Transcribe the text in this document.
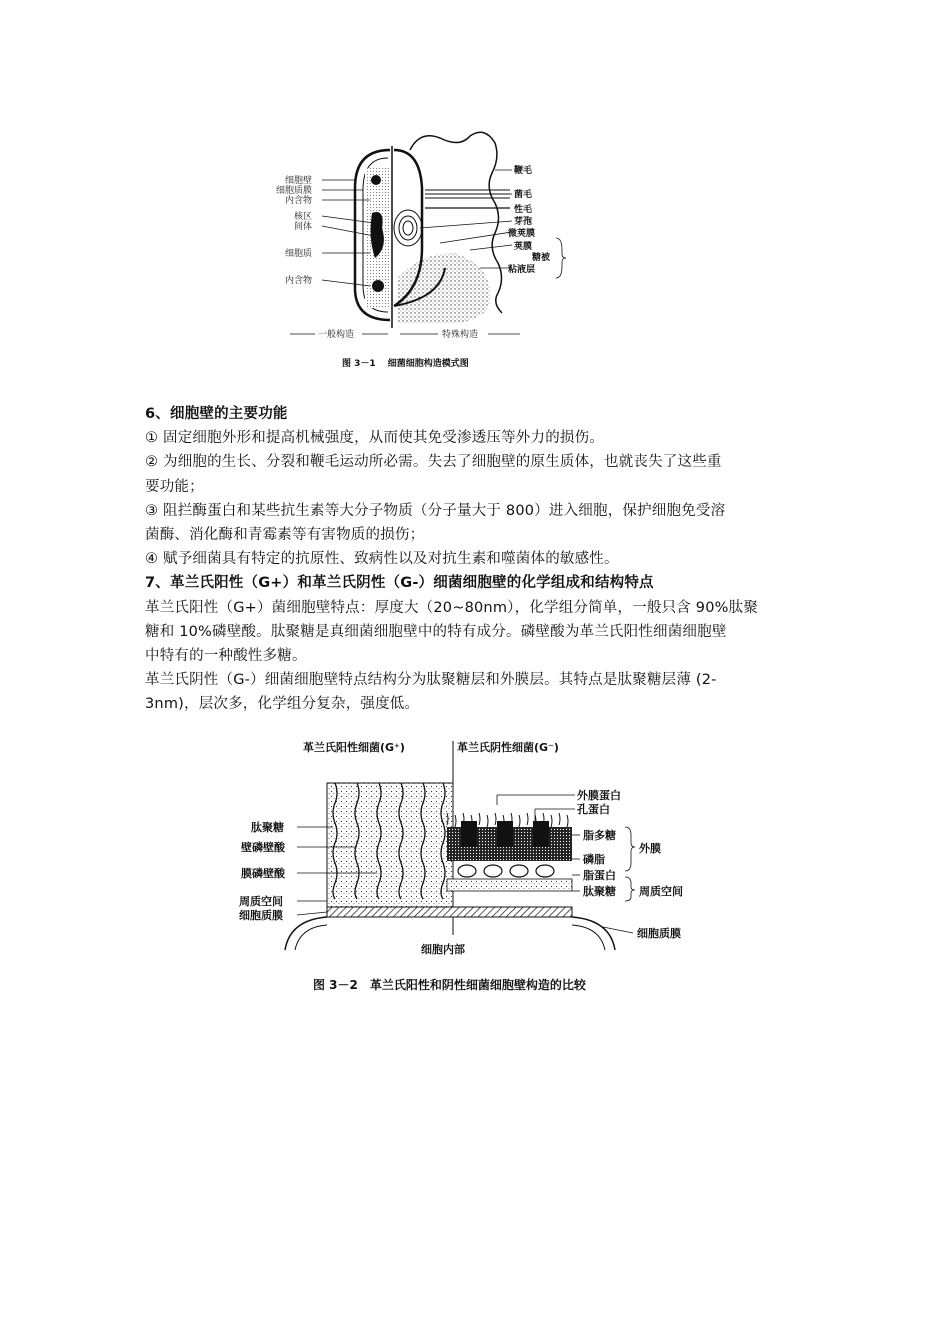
细胞壁
细胞质膜
内含物
核区
间体
细胞质
内含物
鞭毛
菌毛
性毛
芽孢
微荚膜
荚膜
粘液层
糖被
一般构造	特殊构造
图 3－1　 细菌细胞构造模式图

6、细胞壁的主要功能

① 固定细胞外形和提高机械强度，从而使其免受渗透压等外力的损伤。

② 为细胞的生长、分裂和鞭毛运动所必需。失去了细胞壁的原生质体，也就丧失了这些重

要功能；

③ 阻拦酶蛋白和某些抗生素等大分子物质（分子量大于 800）进入细胞，保护细胞免受溶

菌酶、消化酶和青霉素等有害物质的损伤；

④ 赋予细菌具有特定的抗原性、致病性以及对抗生素和噬菌体的敏感性。

7、革兰氏阳性（G+）和革兰氏阴性（G-）细菌细胞壁的化学组成和结构特点

革兰氏阳性（G+）菌细胞壁特点：厚度大（20~80nm），化学组分简单，一般只含 90%肽聚

糖和 10%磷壁酸。肽聚糖是真细菌细胞壁中的特有成分。磷壁酸为革兰氏阳性细菌细胞壁

中特有的一种酸性多糖。

革兰氏阴性（G-）细菌细胞壁特点结构分为肽聚糖层和外膜层。其特点是肽聚糖层薄 (2-

3nm)，层次多，化学组分复杂，强度低。

革兰氏阳性细菌(G⁺)	革兰氏阴性细菌(G⁻)
肽聚糖
壁磷壁酸
膜磷壁酸
周质空间
细胞质膜
外膜蛋白
孔蛋白
脂多糖
磷脂
脂蛋白
肽聚糖
外膜
周质空间
细胞质膜
细胞内部
图 3－2　革兰氏阳性和阴性细菌细胞壁构造的比较
